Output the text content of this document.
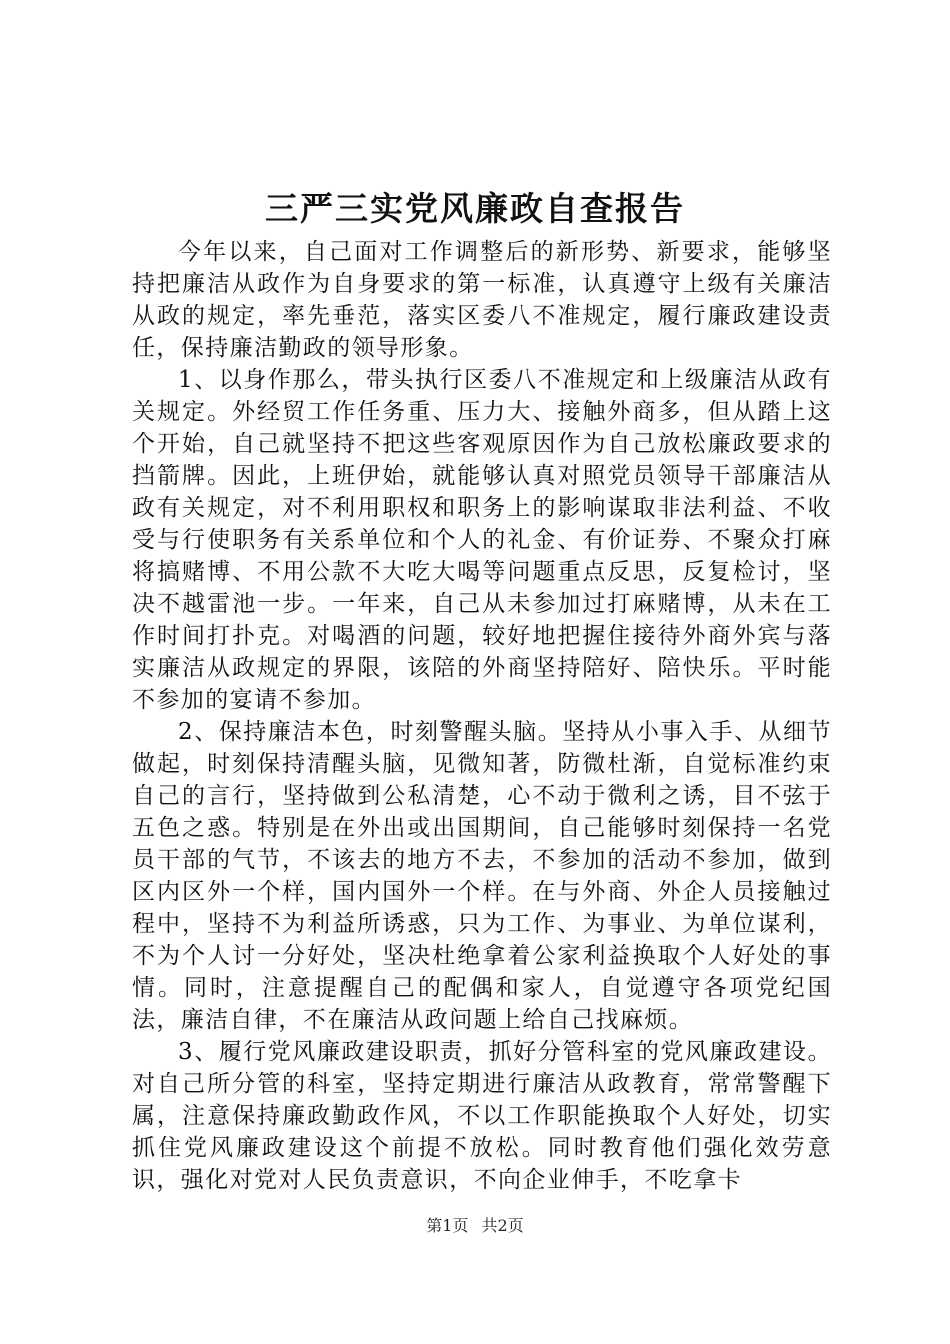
三严三实党风廉政自查报告

今年以来，自己面对工作调整后的新形势、新要求，能够坚持把廉洁从政作为自身要求的第一标准，认真遵守上级有关廉洁从政的规定，率先垂范，落实区委八不准规定，履行廉政建设责任，保持廉洁勤政的领导形象。

1、以身作那么，带头执行区委八不准规定和上级廉洁从政有关规定。外经贸工作任务重、压力大、接触外商多，但从踏上这个开始，自己就坚持不把这些客观原因作为自己放松廉政要求的挡箭牌。因此，上班伊始，就能够认真对照党员领导干部廉洁从政有关规定，对不利用职权和职务上的影响谋取非法利益、不收受与行使职务有关系单位和个人的礼金、有价证券、不聚众打麻将搞赌博、不用公款不大吃大喝等问题重点反思，反复检讨，坚决不越雷池一步。一年来，自己从未参加过打麻赌博，从未在工作时间打扑克。对喝酒的问题，较好地把握住接待外商外宾与落实廉洁从政规定的界限，该陪的外商坚持陪好、陪快乐。平时能不参加的宴请不参加。

2、保持廉洁本色，时刻警醒头脑。坚持从小事入手、从细节做起，时刻保持清醒头脑，见微知著，防微杜渐，自觉标准约束自己的言行，坚持做到公私清楚，心不动于微利之诱，目不弦于五色之惑。特别是在外出或出国期间，自己能够时刻保持一名党员干部的气节，不该去的地方不去，不参加的活动不参加，做到区内区外一个样，国内国外一个样。在与外商、外企人员接触过程中，坚持不为利益所诱惑，只为工作、为事业、为单位谋利，不为个人讨一分好处，坚决杜绝拿着公家利益换取个人好处的事情。同时，注意提醒自己的配偶和家人，自觉遵守各项党纪国法，廉洁自律，不在廉洁从政问题上给自己找麻烦。

3、履行党风廉政建设职责，抓好分管科室的党风廉政建设。对自己所分管的科室，坚持定期进行廉洁从政教育，常常警醒下属，注意保持廉政勤政作风，不以工作职能换取个人好处，切实抓住党风廉政建设这个前提不放松。同时教育他们强化效劳意识，强化对党对人民负责意识，不向企业伸手，不吃拿卡

第1页 共2页
